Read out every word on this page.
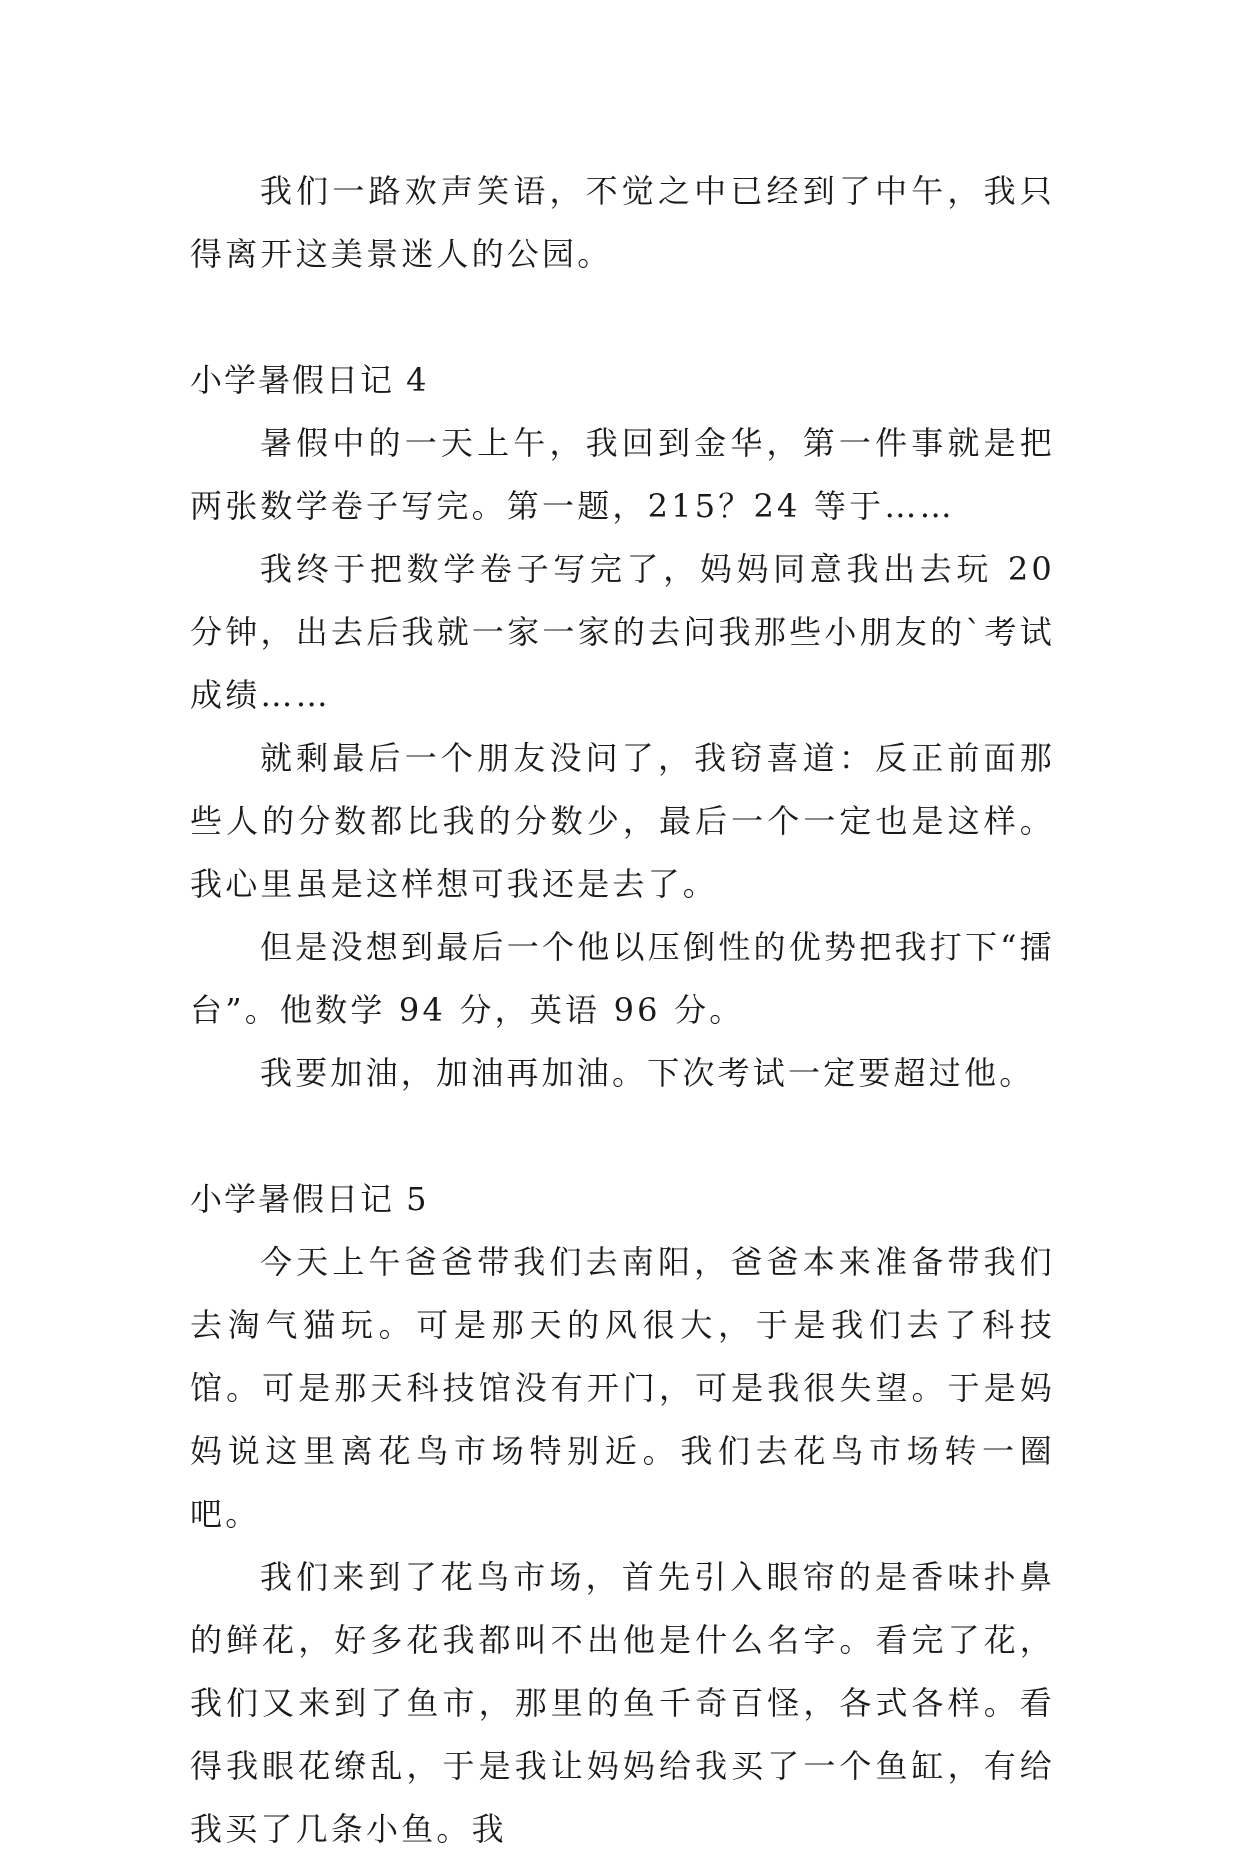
我们一路欢声笑语，不觉之中已经到了中午，我只得离开这美景迷人的公园。

小学暑假日记 4

暑假中的一天上午，我回到金华，第一件事就是把两张数学卷子写完。第一题，215？24 等于……

我终于把数学卷子写完了，妈妈同意我出去玩 20 分钟，出去后我就一家一家的去问我那些小朋友的`考试成绩……

就剩最后一个朋友没问了，我窃喜道：反正前面那些人的分数都比我的分数少，最后一个一定也是这样。我心里虽是这样想可我还是去了。

但是没想到最后一个他以压倒性的优势把我打下“擂台”。他数学 94 分，英语 96 分。

我要加油，加油再加油。下次考试一定要超过他。

小学暑假日记 5

今天上午爸爸带我们去南阳，爸爸本来准备带我们去淘气猫玩。可是那天的风很大，于是我们去了科技馆。可是那天科技馆没有开门，可是我很失望。于是妈妈说这里离花鸟市场特别近。我们去花鸟市场转一圈吧。

我们来到了花鸟市场，首先引入眼帘的是香味扑鼻的鲜花，好多花我都叫不出他是什么名字。看完了花，我们又来到了鱼市，那里的鱼千奇百怪，各式各样。看得我眼花缭乱，于是我让妈妈给我买了一个鱼缸，有给我买了几条小鱼。我
